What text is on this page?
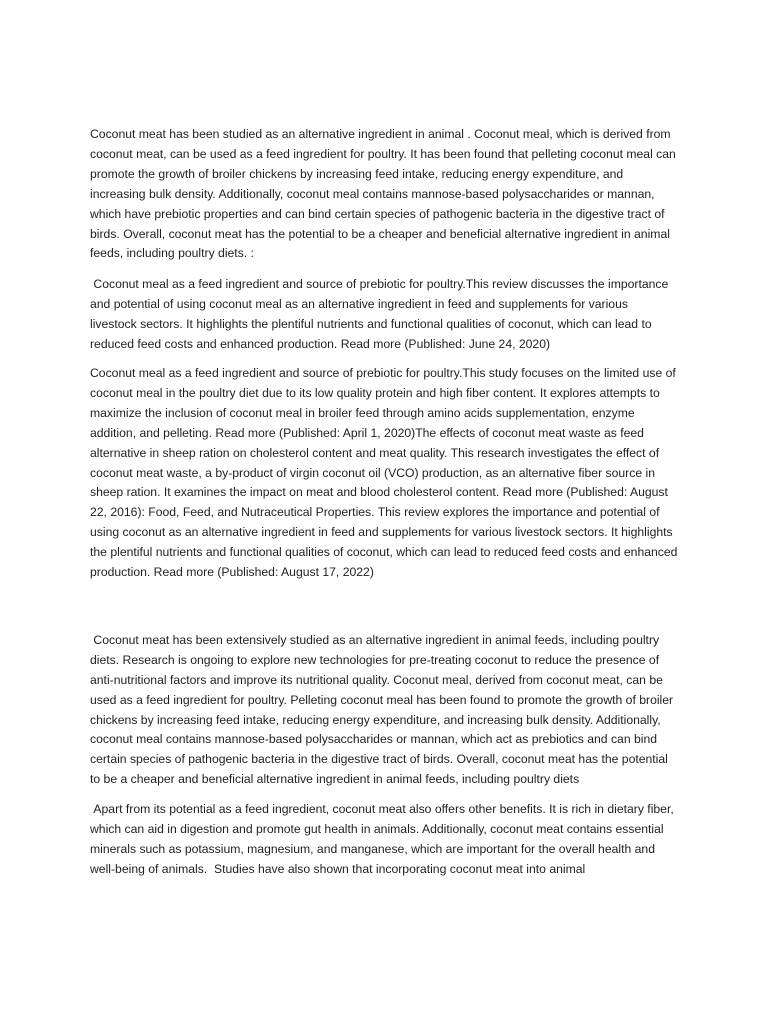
Coconut meat has been studied as an alternative ingredient in animal . Coconut meal, which is derived from coconut meat, can be used as a feed ingredient for poultry. It has been found that pelleting coconut meal can promote the growth of broiler chickens by increasing feed intake, reducing energy expenditure, and increasing bulk density. Additionally, coconut meal contains mannose-based polysaccharides or mannan, which have prebiotic properties and can bind certain species of pathogenic bacteria in the digestive tract of birds. Overall, coconut meat has the potential to be a cheaper and beneficial alternative ingredient in animal feeds, including poultry diets. :

Coconut meal as a feed ingredient and source of prebiotic for poultry.This review discusses the importance and potential of using coconut meal as an alternative ingredient in feed and supplements for various livestock sectors. It highlights the plentiful nutrients and functional qualities of coconut, which can lead to reduced feed costs and enhanced production. Read more (Published: June 24, 2020)

Coconut meal as a feed ingredient and source of prebiotic for poultry.This study focuses on the limited use of coconut meal in the poultry diet due to its low quality protein and high fiber content. It explores attempts to maximize the inclusion of coconut meal in broiler feed through amino acids supplementation, enzyme addition, and pelleting. Read more (Published: April 1, 2020)The effects of coconut meat waste as feed alternative in sheep ration on cholesterol content and meat quality. This research investigates the effect of coconut meat waste, a by-product of virgin coconut oil (VCO) production, as an alternative fiber source in sheep ration. It examines the impact on meat and blood cholesterol content. Read more (Published: August 22, 2016): Food, Feed, and Nutraceutical Properties. This review explores the importance and potential of using coconut as an alternative ingredient in feed and supplements for various livestock sectors. It highlights the plentiful nutrients and functional qualities of coconut, which can lead to reduced feed costs and enhanced production. Read more (Published: August 17, 2022)

Coconut meat has been extensively studied as an alternative ingredient in animal feeds, including poultry diets. Research is ongoing to explore new technologies for pre-treating coconut to reduce the presence of anti-nutritional factors and improve its nutritional quality. Coconut meal, derived from coconut meat, can be used as a feed ingredient for poultry. Pelleting coconut meal has been found to promote the growth of broiler chickens by increasing feed intake, reducing energy expenditure, and increasing bulk density. Additionally, coconut meal contains mannose-based polysaccharides or mannan, which act as prebiotics and can bind certain species of pathogenic bacteria in the digestive tract of birds. Overall, coconut meat has the potential to be a cheaper and beneficial alternative ingredient in animal feeds, including poultry diets

Apart from its potential as a feed ingredient, coconut meat also offers other benefits. It is rich in dietary fiber, which can aid in digestion and promote gut health in animals. Additionally, coconut meat contains essential minerals such as potassium, magnesium, and manganese, which are important for the overall health and well-being of animals.  Studies have also shown that incorporating coconut meat into animal
